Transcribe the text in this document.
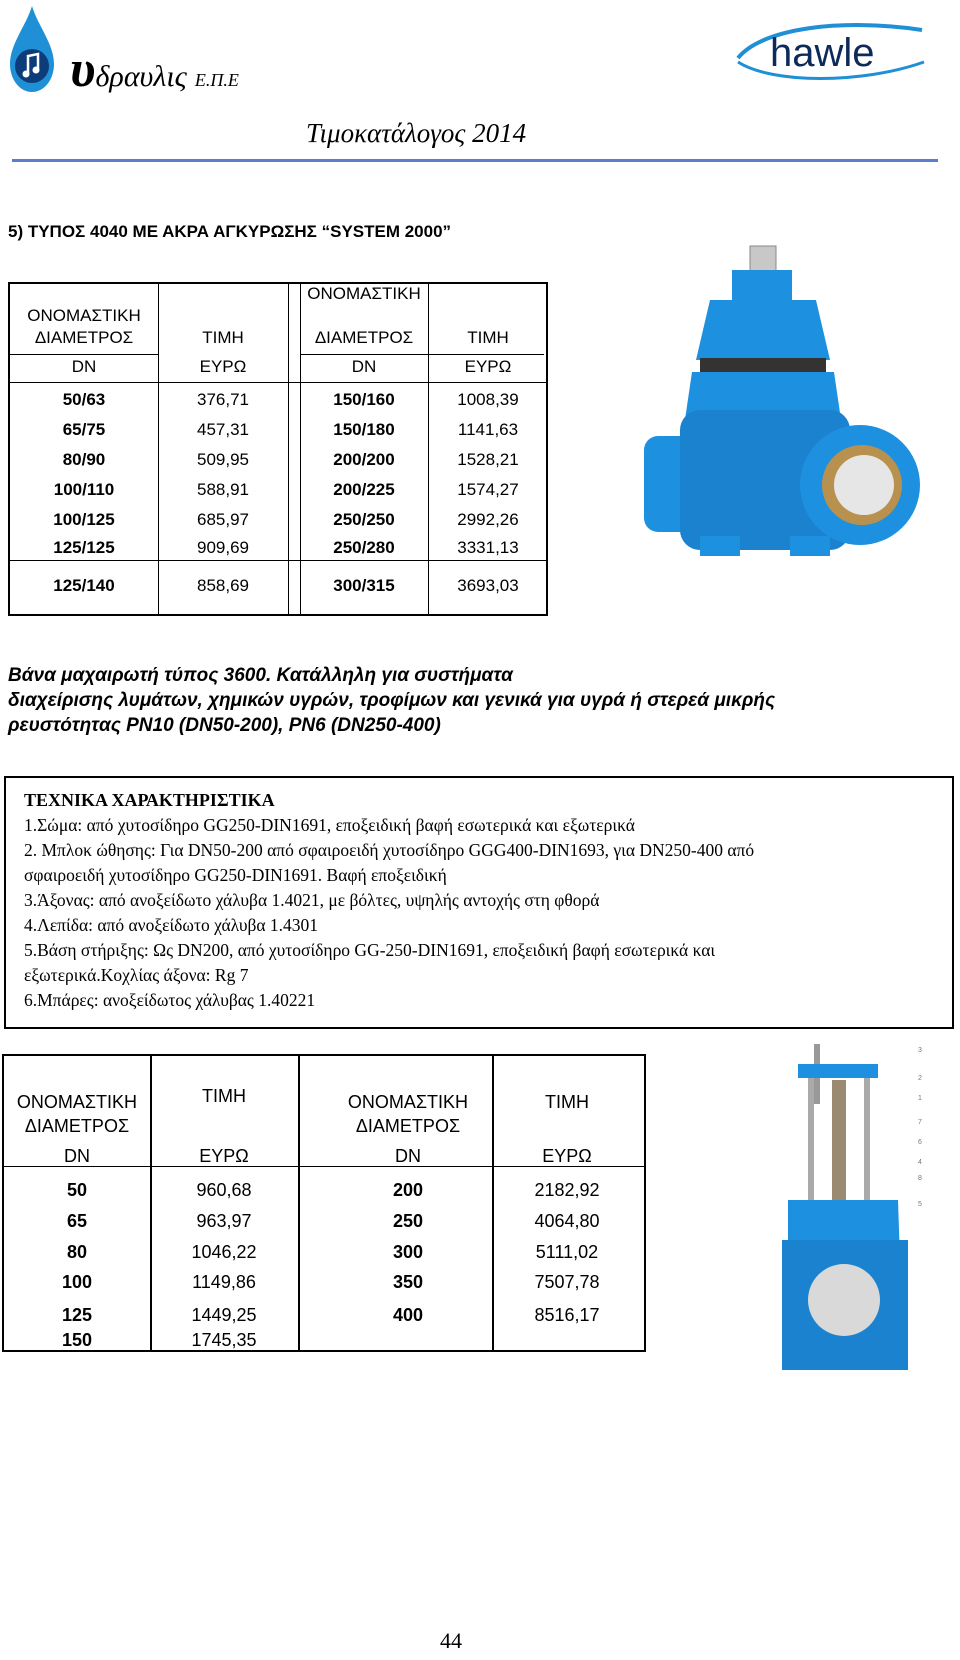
υδραυλις Ε.Π.Ε
hawle
Τιμοκατάλογος 2014
5) ΤΥΠΟΣ 4040 ΜΕ ΑΚΡΑ ΑΓΚΥΡΩΣΗΣ “SYSTEM 2000”
ΟΝΟΜΑΣΤΙΚΗ
ΔΙΑΜΕΤΡΟΣ	ΤΙΜΗ
ΟΝΟΜΑΣΤΙΚΗ
ΔΙΑΜΕΤΡΟΣ	ΤΙΜΗ
DN	ΕΥΡΩ	DN	ΕΥΡΩ
50/63	376,71	150/160	1008,39
65/75	457,31	150/180	1141,63
80/90	509,95	200/200	1528,21
100/110	588,91	200/225	1574,27
100/125	685,97	250/250	2992,26
125/125	909,69	250/280	3331,13
125/140	858,69	300/315	3693,03
Βάνα μαχαιρωτή τύπος 3600. Κατάλληλη για συστήματα
διαχείρισης λυμάτων, χημικών υγρών, τροφίμων και γενικά για υγρά ή στερεά μικρής
ρευστότητας ΡΝ10 (DN50-200), PN6 (DN250-400)
ΤΕΧΝΙΚΑ ΧΑΡΑΚΤΗΡΙΣΤΙΚΑ
1.Σώμα: από χυτοσίδηρο GG250-DIN1691, εποξειδική βαφή εσωτερικά και εξωτερικά
2. Μπλοκ ώθησης: Για DN50-200 από σφαιροειδή χυτοσίδηρο GGG400-DIN1693, για DN250-400 από
σφαιροειδή χυτοσίδηρο GG250-DIN1691. Βαφή εποξειδική
3.Άξονας: από ανοξείδωτο χάλυβα 1.4021, με βόλτες, υψηλής αντοχής στη φθορά
4.Λεπίδα: από ανοξείδωτο χάλυβα 1.4301
5.Βάση στήριξης: Ως DN200, από χυτοσίδηρο GG-250-DIN1691, εποξειδική βαφή εσωτερικά και
εξωτερικά.Κοχλίας άξονα: Rg 7
6.Μπάρες: ανοξείδωτος χάλυβας 1.40221
ΟΝΟΜΑΣΤΙΚΗ
ΔΙΑΜΕΤΡΟΣ
ΤΙΜΗ	ΟΝΟΜΑΣΤΙΚΗ
ΔΙΑΜΕΤΡΟΣ
ΤΙΜΗ
DN	ΕΥΡΩ	DN	ΕΥΡΩ
50	960,68	200	2182,92
65	963,97	250	4064,80
80	1046,22	300	5111,02
100	1149,86	350	7507,78
125	1449,25	400	8516,17
150	1745,35
3
2
1
7
6
4
8
5
44
